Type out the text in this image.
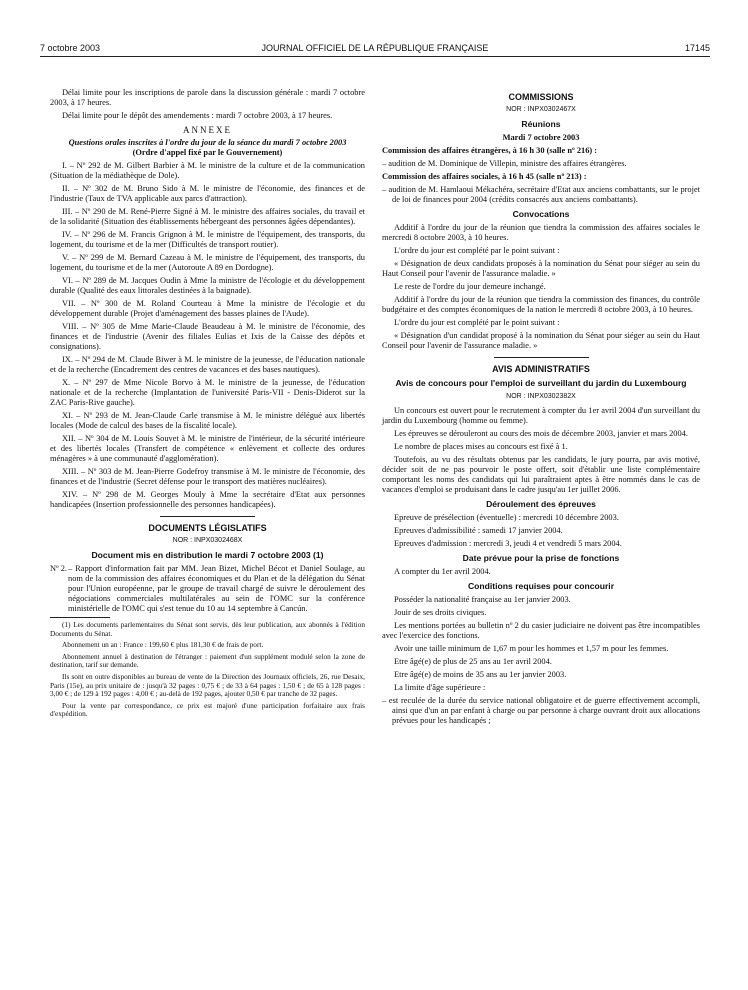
7 octobre 2003	JOURNAL OFFICIEL DE LA RÉPUBLIQUE FRANÇAISE	17145

Délai limite pour les inscriptions de parole dans la discussion générale : mardi 7 octobre 2003, à 17 heures.

Délai limite pour le dépôt des amendements : mardi 7 octobre 2003, à 17 heures.

ANNEXE

Questions orales inscrites à l'ordre du jour de la séance du mardi 7 octobre 2003

(Ordre d'appel fixé par le Gouvernement)

I. – Nº 292 de M. Gilbert Barbier à M. le ministre de la culture et de la communication (Situation de la médiathèque de Dole).

II. – Nº 302 de M. Bruno Sido à M. le ministre de l'économie, des finances et de l'industrie (Taux de TVA applicable aux parcs d'attraction).

III. – Nº 290 de M. René-Pierre Signé à M. le ministre des affaires sociales, du travail et de la solidarité (Situation des établissements hébergeant des personnes âgées dépendantes).

IV. – Nº 296 de M. Francis Grignon à M. le ministre de l'équipement, des transports, du logement, du tourisme et de la mer (Difficultés de transport routier).

V. – Nº 299 de M. Bernard Cazeau à M. le ministre de l'équipement, des transports, du logement, du tourisme et de la mer (Autoroute A 89 en Dordogne).

VI. – Nº 289 de M. Jacques Oudin à Mme la ministre de l'écologie et du développement durable (Qualité des eaux littorales destinées à la baignade).

VII. – Nº 300 de M. Roland Courteau à Mme la ministre de l'écologie et du développement durable (Projet d'aménagement des basses plaines de l'Aude).

VIII. – Nº 305 de Mme Marie-Claude Beaudeau à M. le ministre de l'économie, des finances et de l'industrie (Avenir des filiales Eulias et Ixis de la Caisse des dépôts et consignations).

IX. – Nº 294 de M. Claude Biwer à M. le ministre de la jeunesse, de l'éducation nationale et de la recherche (Encadrement des centres de vacances et des bases nautiques).

X. – Nº 297 de Mme Nicole Borvo à M. le ministre de la jeunesse, de l'éducation nationale et de la recherche (Implantation de l'université Paris-VII - Denis-Diderot sur la ZAC Paris-Rive gauche).

XI. – Nº 293 de M. Jean-Claude Carle transmise à M. le ministre délégué aux libertés locales (Mode de calcul des bases de la fiscalité locale).

XII. – Nº 304 de M. Louis Souvet à M. le ministre de l'intérieur, de la sécurité intérieure et des libertés locales (Transfert de compétence « enlèvement et collecte des ordures ménagères » à une communauté d'agglomération).

XIII. – Nº 303 de M. Jean-Pierre Godefroy transmise à M. le ministre de l'économie, des finances et de l'industrie (Secret défense pour le transport des matières nucléaires).

XIV. – Nº 298 de M. Georges Mouly à Mme la secrétaire d'Etat aux personnes handicapées (Insertion professionnelle des personnes handicapées).

DOCUMENTS LÉGISLATIFS
NOR : INPX0302468X
Document mis en distribution le mardi 7 octobre 2003 (1)
Nº 2. – Rapport d'information fait par MM. Jean Bizet, Michel Bécot et Daniel Soulage, au nom de la commission des affaires économiques et du Plan et de la délégation du Sénat pour l'Union européenne, par le groupe de travail chargé de suivre le déroulement des négociations commerciales multilatérales au sein de l'OMC sur la conférence ministérielle de l'OMC qui s'est tenue du 10 au 14 septembre à Cancún.

(1) Les documents parlementaires du Sénat sont servis, dès leur publication, aux abonnés à l'édition Documents du Sénat.

Abonnement un an : France : 199,60 € plus 181,30 € de frais de port.

Abonnement annuel à destination de l'étranger : paiement d'un supplément modulé selon la zone de destination, tarif sur demande.

Ils sont en outre disponibles au bureau de vente de la Direction des Journaux officiels, 26, rue Desaix, Paris (15e), au prix unitaire de : jusqu'à 32 pages : 0,75 € ; de 33 à 64 pages : 1,50 € ; de 65 à 128 pages : 3,00 € ; de 129 à 192 pages : 4,00 € ; au-delà de 192 pages, ajouter 0,50 € par tranche de 32 pages.

Pour la vente par correspondance, ce prix est majoré d'une participation forfaitaire aux frais d'expédition.

COMMISSIONS
NOR : INPX0302467X
Réunions

Mardi 7 octobre 2003

Commission des affaires étrangères, à 16 h 30 (salle nº 216) :

– audition de M. Dominique de Villepin, ministre des affaires étrangères.

Commission des affaires sociales, à 16 h 45 (salle nº 213) :

– audition de M. Hamlaoui Mékachéra, secrétaire d'Etat aux anciens combattants, sur le projet de loi de finances pour 2004 (crédits consacrés aux anciens combattants).

Convocations

Additif à l'ordre du jour de la réunion que tiendra la commission des affaires sociales le mercredi 8 octobre 2003, à 10 heures.

L'ordre du jour est complété par le point suivant :

« Désignation de deux candidats proposés à la nomination du Sénat pour siéger au sein du Haut Conseil pour l'avenir de l'assurance maladie. »

Le reste de l'ordre du jour demeure inchangé.

Additif à l'ordre du jour de la réunion que tiendra la commission des finances, du contrôle budgétaire et des comptes économiques de la nation le mercredi 8 octobre 2003, à 10 heures.

L'ordre du jour est complété par le point suivant :

« Désignation d'un candidat proposé à la nomination du Sénat pour siéger au sein du Haut Conseil pour l'avenir de l'assurance maladie. »

AVIS ADMINISTRATIFS
Avis de concours pour l'emploi de surveillant du jardin du Luxembourg
NOR : INPX0302382X

Un concours est ouvert pour le recrutement à compter du 1er avril 2004 d'un surveillant du jardin du Luxembourg (homme ou femme).

Les épreuves se dérouleront au cours des mois de décembre 2003, janvier et mars 2004.

Le nombre de places mises au concours est fixé à 1.

Toutefois, au vu des résultats obtenus par les candidats, le jury pourra, par avis motivé, décider soit de ne pas pourvoir le poste offert, soit d'établir une liste complémentaire comportant les noms des candidats qui lui paraîtraient aptes à être nommés dans le cas de vacances d'emploi se produisant dans le cadre jusqu'au 1er juillet 2006.

Déroulement des épreuves

Epreuve de présélection (éventuelle) : mercredi 10 décembre 2003.

Epreuves d'admissibilité : samedi 17 janvier 2004.

Epreuves d'admission : mercredi 3, jeudi 4 et vendredi 5 mars 2004.

Date prévue pour la prise de fonctions

A compter du 1er avril 2004.

Conditions requises pour concourir

Posséder la nationalité française au 1er janvier 2003.

Jouir de ses droits civiques.

Les mentions portées au bulletin nº 2 du casier judiciaire ne doivent pas être incompatibles avec l'exercice des fonctions.

Avoir une taille minimum de 1,67 m pour les hommes et 1,57 m pour les femmes.

Etre âgé(e) de plus de 25 ans au 1er avril 2004.

Etre âgé(e) de moins de 35 ans au 1er janvier 2003.

La limite d'âge supérieure :

– est reculée de la durée du service national obligatoire et de guerre effectivement accompli, ainsi que d'un an par enfant à charge ou par personne à charge ouvrant droit aux allocations prévues pour les handicapés ;
